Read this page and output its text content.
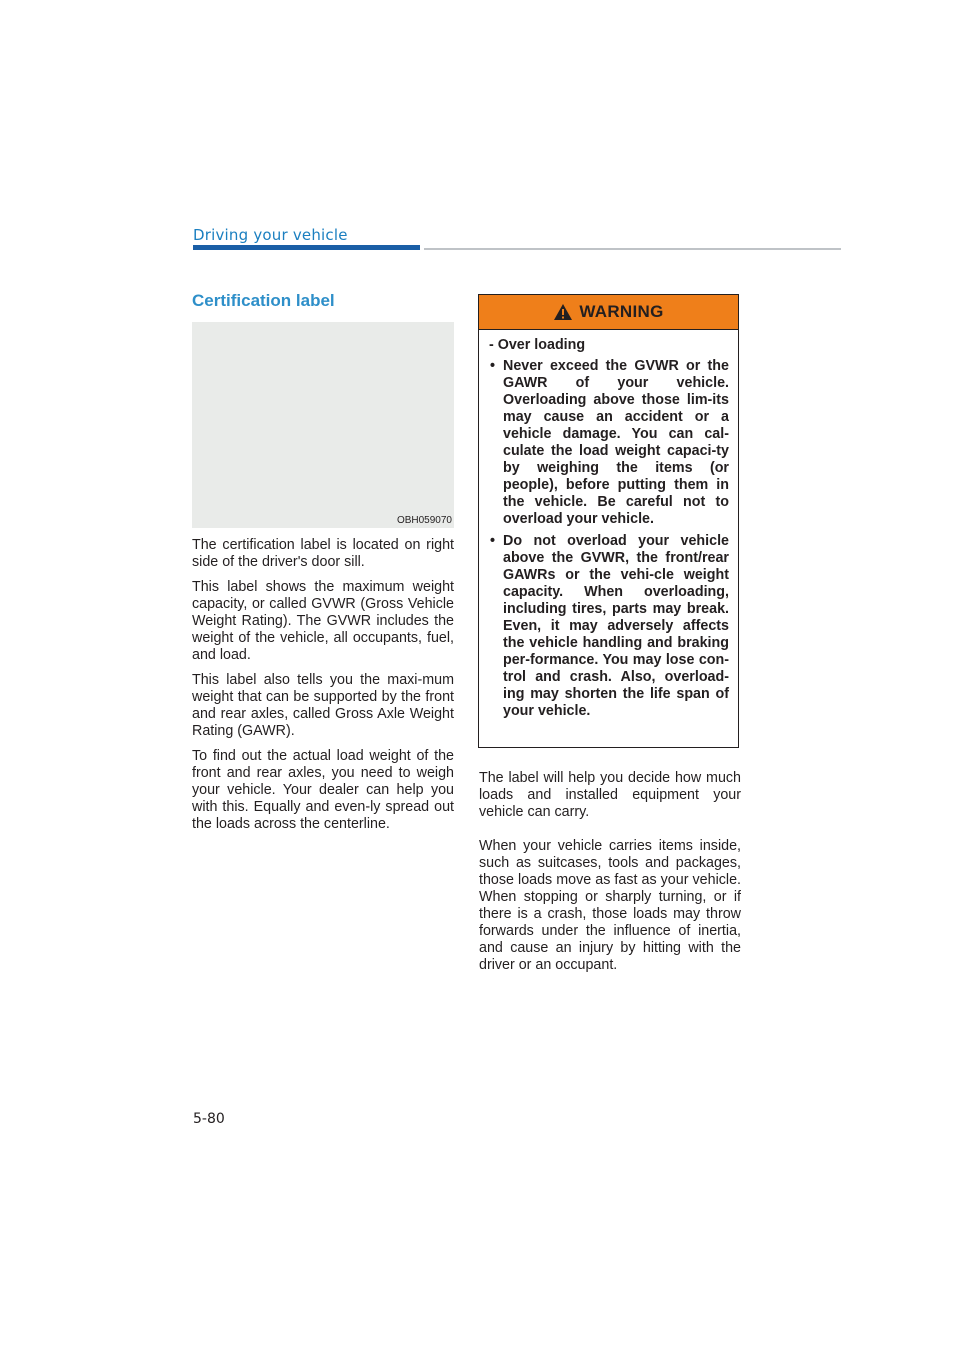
Driving your vehicle
Certification label
OBH059070

The certification label is located on right side of the driver's door sill.

This label shows the maximum weight capacity, or called GVWR (Gross Vehicle Weight Rating). The GVWR includes the weight of the vehicle, all occupants, fuel, and load.

This label also tells you the maxi-mum weight that can be supported by the front and rear axles, called Gross Axle Weight Rating (GAWR).

To find out the actual load weight of the front and rear axles, you need to weigh your vehicle. Your dealer can help you with this. Equally and even-ly spread out the loads across the centerline.

WARNING

- Over loading

• Never exceed the GVWR or the GAWR of your vehicle. Overloading above those lim-its may cause an accident or a vehicle damage. You can cal-culate the load weight capaci-ty by weighing the items (or people), before putting them in the vehicle. Be careful not to overload your vehicle.
• Do not overload your vehicle above the GVWR, the front/rear GAWRs or the vehi-cle weight capacity. When overloading, including tires, parts may break. Even, it may adversely affects the vehicle handling and braking per-formance. You may lose con-trol and crash. Also, overload-ing may shorten the life span of your vehicle.

The label will help you decide how much loads and installed equipment your vehicle can carry.

When your vehicle carries items inside, such as suitcases, tools and packages, those loads move as fast as your vehicle. When stopping or sharply turning, or if there is a crash, those loads may throw forwards under the influence of inertia, and cause an injury by hitting with the driver or an occupant.

5-80
